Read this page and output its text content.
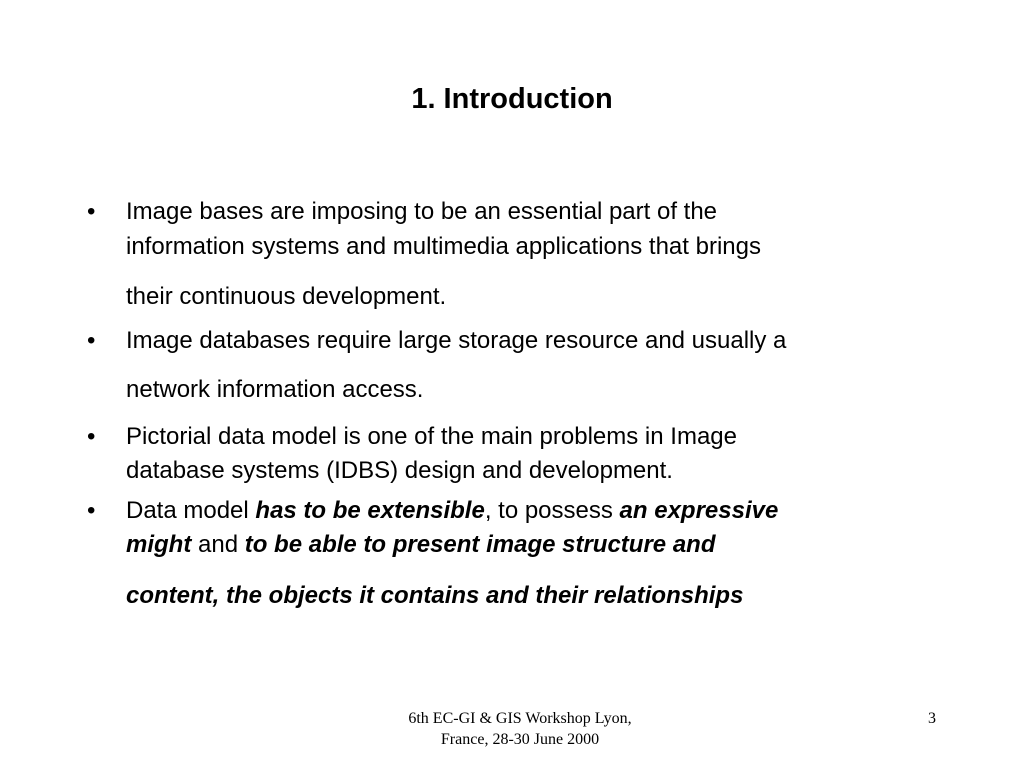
1. Introduction
• Image bases are imposing to be an essential part of the
information systems and multimedia applications that brings
their continuous development.
• Image databases require large storage resource and usually a
network information access.
• Pictorial data model is one of the main problems in Image
database systems (IDBS) design and development.
• Data model has to be extensible, to possess an expressive
might and to be able to present image structure and
content, the objects it contains and their relationships
6th EC-GI & GIS Workshop Lyon,
France, 28-30 June 2000
3
